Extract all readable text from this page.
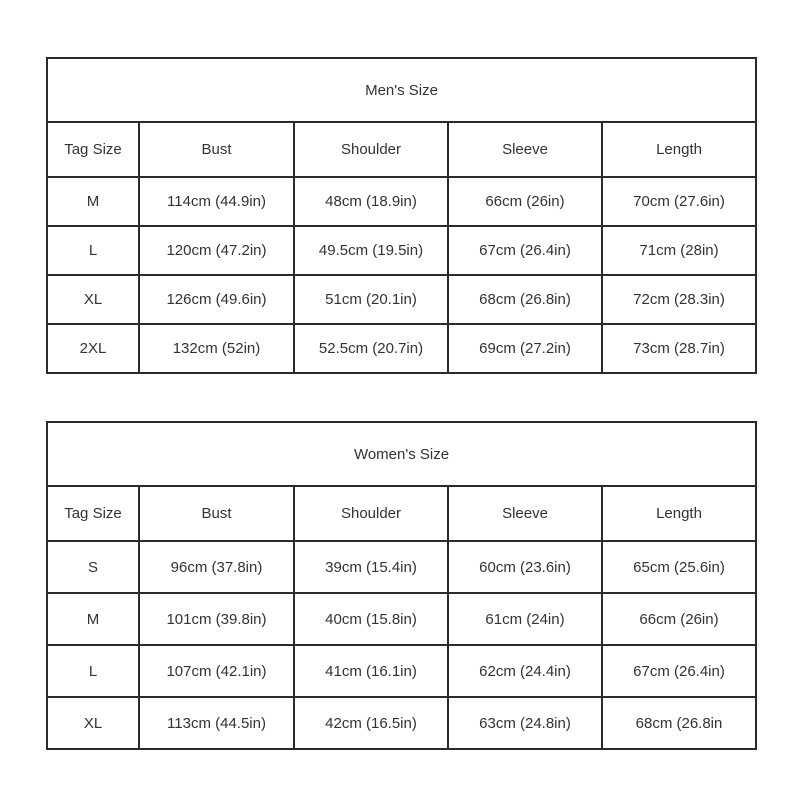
Men's Size				
Tag Size	Bust	Shoulder	Sleeve	Length
M	114cm (44.9in)	48cm (18.9in)	66cm (26in)	70cm (27.6in)
L	120cm (47.2in)	49.5cm (19.5in)	67cm (26.4in)	71cm (28in)
XL	126cm (49.6in)	51cm (20.1in)	68cm (26.8in)	72cm (28.3in)
2XL	132cm (52in)	52.5cm (20.7in)	69cm (27.2in)	73cm (28.7in)
Women's Size				
Tag Size	Bust	Shoulder	Sleeve	Length
S	96cm (37.8in)	39cm (15.4in)	60cm (23.6in)	65cm (25.6in)
M	101cm (39.8in)	40cm (15.8in)	61cm (24in)	66cm (26in)
L	107cm (42.1in)	41cm (16.1in)	62cm (24.4in)	67cm (26.4in)
XL	113cm (44.5in)	42cm (16.5in)	63cm (24.8in)	68cm (26.8in
